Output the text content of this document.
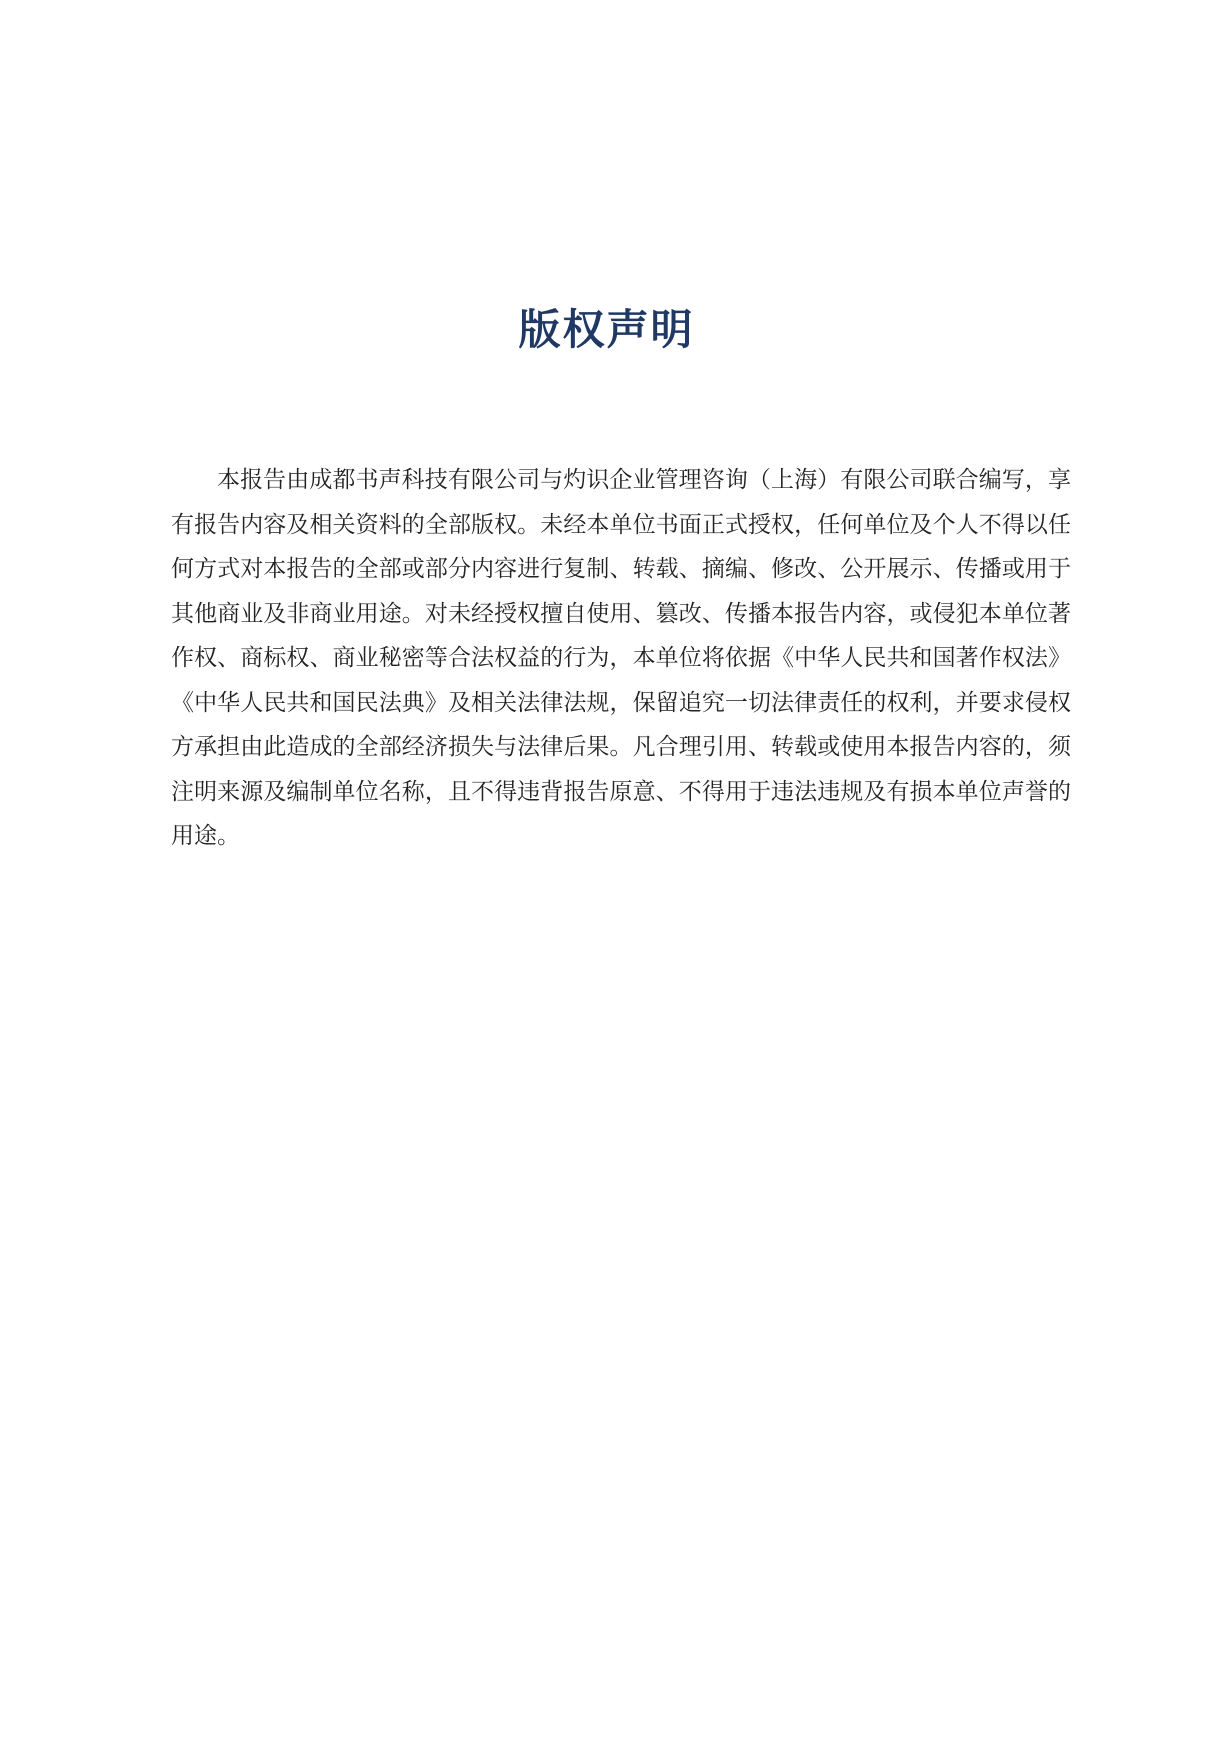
版权声明

本报告由成都书声科技有限公司与灼识企业管理咨询（上海）有限公司联合编写，享有报告内容及相关资料的全部版权。未经本单位书面正式授权，任何单位及个人不得以任何方式对本报告的全部或部分内容进行复制、转载、摘编、修改、公开展示、传播或用于其他商业及非商业用途。对未经授权擅自使用、篡改、传播本报告内容，或侵犯本单位著作权、商标权、商业秘密等合法权益的行为，本单位将依据《中华人民共和国著作权法》《中华人民共和国民法典》及相关法律法规，保留追究一切法律责任的权利，并要求侵权方承担由此造成的全部经济损失与法律后果。凡合理引用、转载或使用本报告内容的，须注明来源及编制单位名称，且不得违背报告原意、不得用于违法违规及有损本单位声誉的用途。
